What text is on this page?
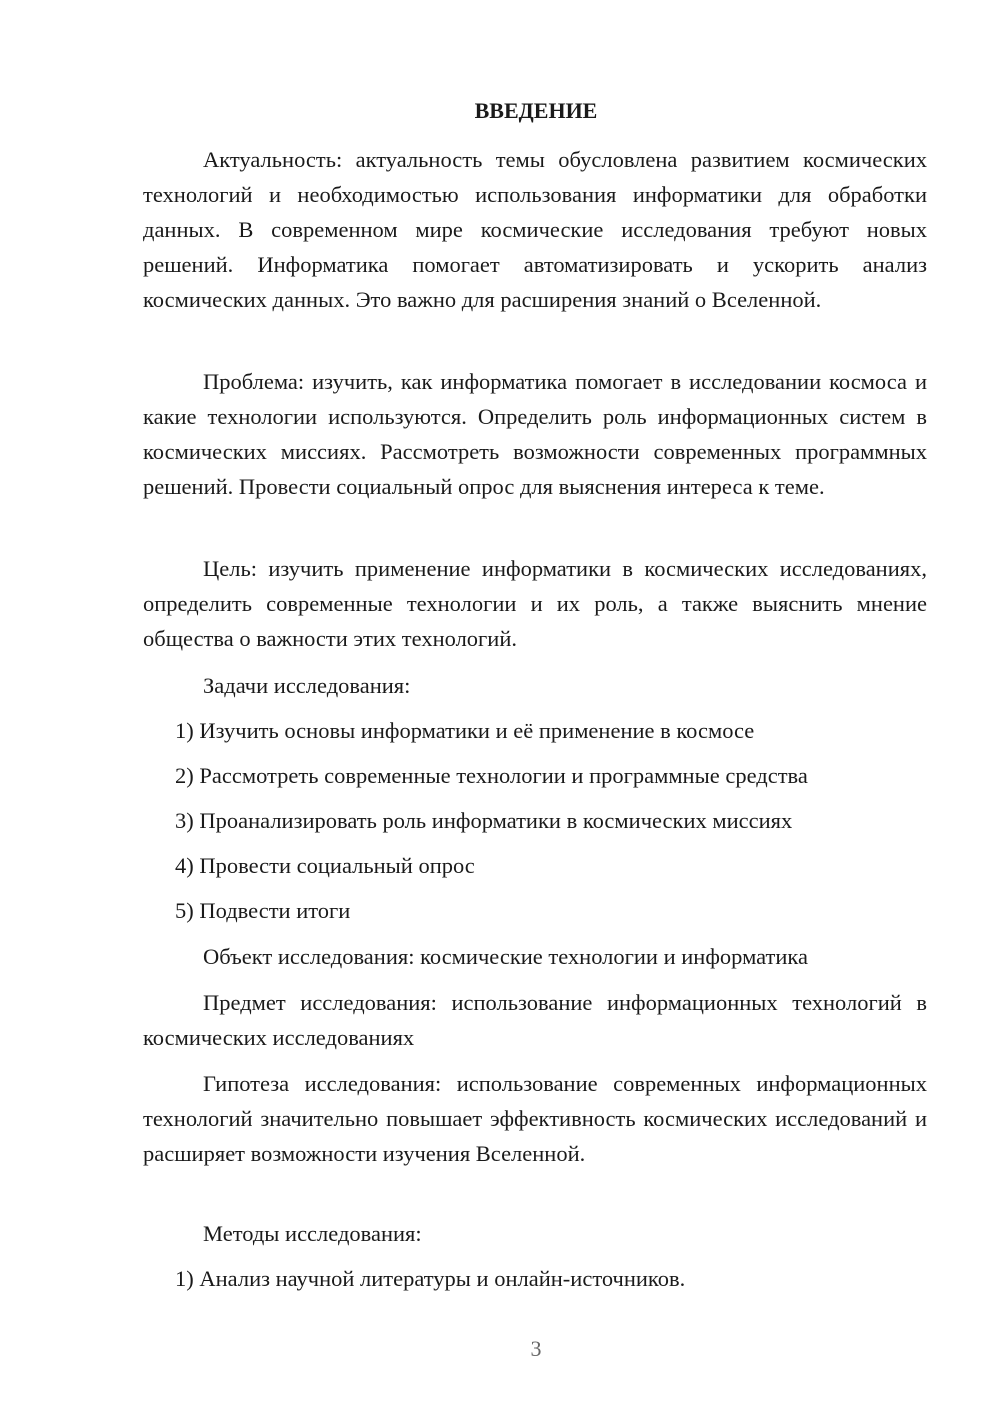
ВВЕДЕНИЕ

Актуальность: актуальность темы обусловлена развитием космических технологий и необходимостью использования информатики для обработки данных. В современном мире космические исследования требуют новых решений. Информатика помогает автоматизировать и ускорить анализ космических данных. Это важно для расширения знаний о Вселенной.

Проблема: изучить, как информатика помогает в исследовании космоса и какие технологии используются. Определить роль информационных систем в космических миссиях. Рассмотреть возможности современных программных решений. Провести социальный опрос для выяснения интереса к теме.

Цель: изучить применение информатики в космических исследованиях, определить современные технологии и их роль, а также выяснить мнение общества о важности этих технологий.

Задачи исследования:

1) Изучить основы информатики и её применение в космосе

2) Рассмотреть современные технологии и программные средства

3) Проанализировать роль информатики в космических миссиях

4) Провести социальный опрос

5) Подвести итоги

Объект исследования: космические технологии и информатика

Предмет исследования: использование информационных технологий в космических исследованиях

Гипотеза исследования: использование современных информационных технологий значительно повышает эффективность космических исследований и расширяет возможности изучения Вселенной.

Методы исследования:

1) Анализ научной литературы и онлайн-источников.

3
